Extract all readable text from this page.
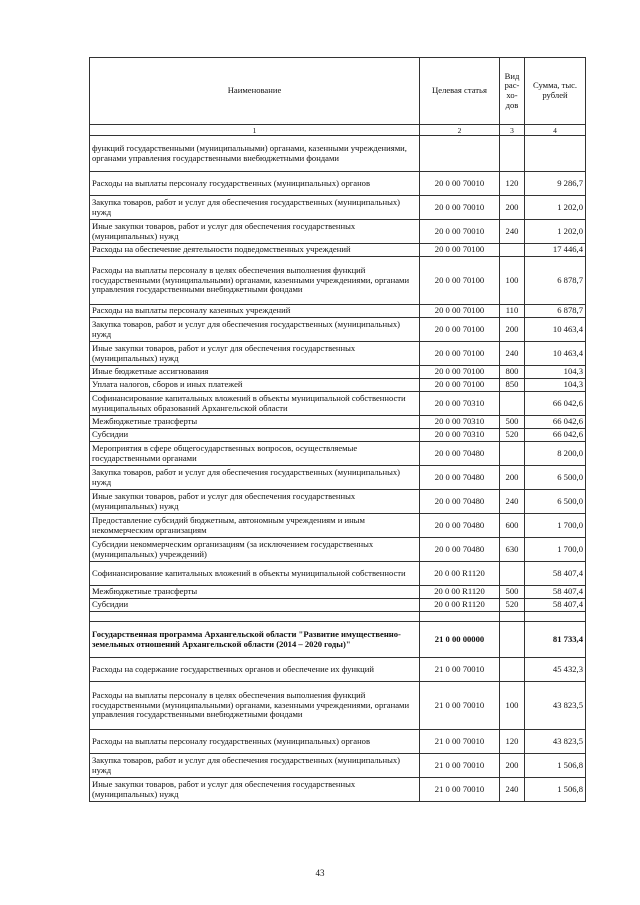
Наименование	Целевая статья	Вид рас-хо-дов	Сумма, тыс. рублей
1	2	3	4
функций государственными (муниципальными) органами, казенными учреждениями, органами управления государственными внебюджетными фондами			
Расходы на выплаты персоналу государственных (муниципальных) органов	20 0 00 70010	120	9 286,7
Закупка товаров, работ и услуг для обеспечения государственных (муниципальных) нужд	20 0 00 70010	200	1 202,0
Иные закупки товаров, работ и услуг для обеспечения государственных (муниципальных) нужд	20 0 00 70010	240	1 202,0
Расходы на обеспечение деятельности подведомственных учреждений	20 0 00 70100		17 446,4
Расходы на выплаты персоналу в целях обеспечения выполнения функций государственными (муниципальными) органами, казенными учреждениями, органами управления государственными внебюджетными фондами	20 0 00 70100	100	6 878,7
Расходы на выплаты персоналу казенных учреждений	20 0 00 70100	110	6 878,7
Закупка товаров, работ и услуг для обеспечения государственных (муниципальных) нужд	20 0 00 70100	200	10 463,4
Иные закупки товаров, работ и услуг для обеспечения государственных (муниципальных) нужд	20 0 00 70100	240	10 463,4
Иные бюджетные ассигнования	20 0 00 70100	800	104,3
Уплата налогов, сборов и иных платежей	20 0 00 70100	850	104,3
Софинансирование капитальных вложений в объекты муниципальной собственности муниципальных образований Архангельской области	20 0 00 70310		66 042,6
Межбюджетные трансферты	20 0 00 70310	500	66 042,6
Субсидии	20 0 00 70310	520	66 042,6
Мероприятия в сфере общегосударственных вопросов, осуществляемые государственными органами	20 0 00 70480		8 200,0
Закупка товаров, работ и услуг для обеспечения государственных (муниципальных) нужд	20 0 00 70480	200	6 500,0
Иные закупки товаров, работ и услуг для обеспечения государственных (муниципальных) нужд	20 0 00 70480	240	6 500,0
Предоставление субсидий бюджетным, автономным учреждениям и иным некоммерческим организациям	20 0 00 70480	600	1 700,0
Субсидии некоммерческим организациям (за исключением государственных (муниципальных) учреждений)	20 0 00 70480	630	1 700,0
Софинансирование капитальных вложений в объекты муниципальной собственности	20 0 00 R1120		58 407,4
Межбюджетные трансферты	20 0 00 R1120	500	58 407,4
Субсидии	20 0 00 R1120	520	58 407,4

Государственная программа Архангельской области "Развитие имущественно-земельных отношений Архангельской области (2014 – 2020 годы)"	21 0 00 00000		81 733,4
Расходы на содержание государственных органов и обеспечение их функций	21 0 00 70010		45 432,3
Расходы на выплаты персоналу в целях обеспечения выполнения функций государственными (муниципальными) органами, казенными учреждениями, органами управления государственными внебюджетными фондами	21 0 00 70010	100	43 823,5
Расходы на выплаты персоналу государственных (муниципальных) органов	21 0 00 70010	120	43 823,5
Закупка товаров, работ и услуг для обеспечения государственных (муниципальных) нужд	21 0 00 70010	200	1 506,8
Иные закупки товаров, работ и услуг для обеспечения государственных (муниципальных) нужд	21 0 00 70010	240	1 506,8
43
